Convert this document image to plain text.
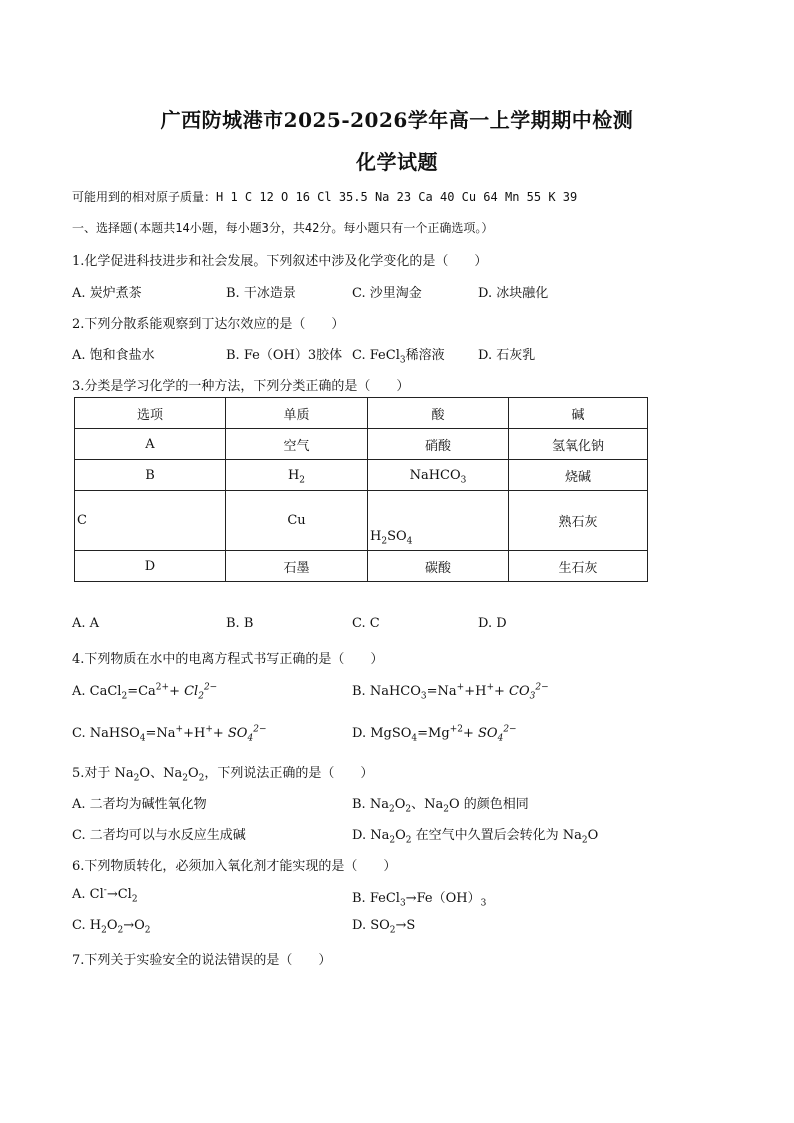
广西防城港市2025-2026学年高一上学期期中检测
化学试题
可能用到的相对原子质量：H 1 C 12 O 16 Cl 35.5 Na 23 Ca 40 Cu 64 Mn 55 K 39
一、选择题(本题共14小题，每小题3分，共42分。每小题只有一个正确选项。）
1.化学促进科技进步和社会发展。下列叙述中涉及化学变化的是（　　）
A. 炭炉煮茶	B. 干冰造景	C. 沙里淘金	D. 冰块融化
2.下列分散系能观察到丁达尔效应的是（　　）
A. 饱和食盐水	B. Fe（OH）3胶体 C. FeCl$_3$稀溶液	D. 石灰乳
3.分类是学习化学的一种方法，下列分类正确的是（　　）
选项	单质	酸	碱
A	空气	硝酸	氢氧化钠
B	$H_2$	NaHCO$_3$	烧碱
C	Cu	$H_2SO_4$	熟石灰
D	石墨	碳酸	生石灰
A. A	B. B	C. C	D. D
4.下列物质在水中的电离方程式书写正确的是（　　）
A. $CaCl_2=Ca^{2+}+ Cl_2^{2-}$	B. NaHCO$_3$=Na++H++ $CO_3^{2-}$
C. NaHSO$_4$=Na++H++ $SO_4^{2-}$	D. $MgSO_4=Mg^{+2}+ SO_4^{2-}$
5.对于 $Na_2O$、$Na_2O_2$，下列说法正确的是（　　）
A. 二者均为碱性氧化物	B. $Na_2O_2$、$Na_2O$ 的颜色相同
C. 二者均可以与水反应生成碱	D. $Na_2O_2$ 在空气中久置后会转化为 $Na_2O$
6.下列物质转化，必须加入氧化剂才能实现的是（　　）
A. $Cl^-\to Cl_2$	B. $FeCl_3\to Fe(OH)_3$
C. $H_2O_2\to O_2$	D. $SO_2\to S$
7.下列关于实验安全的说法错误的是（　　）
